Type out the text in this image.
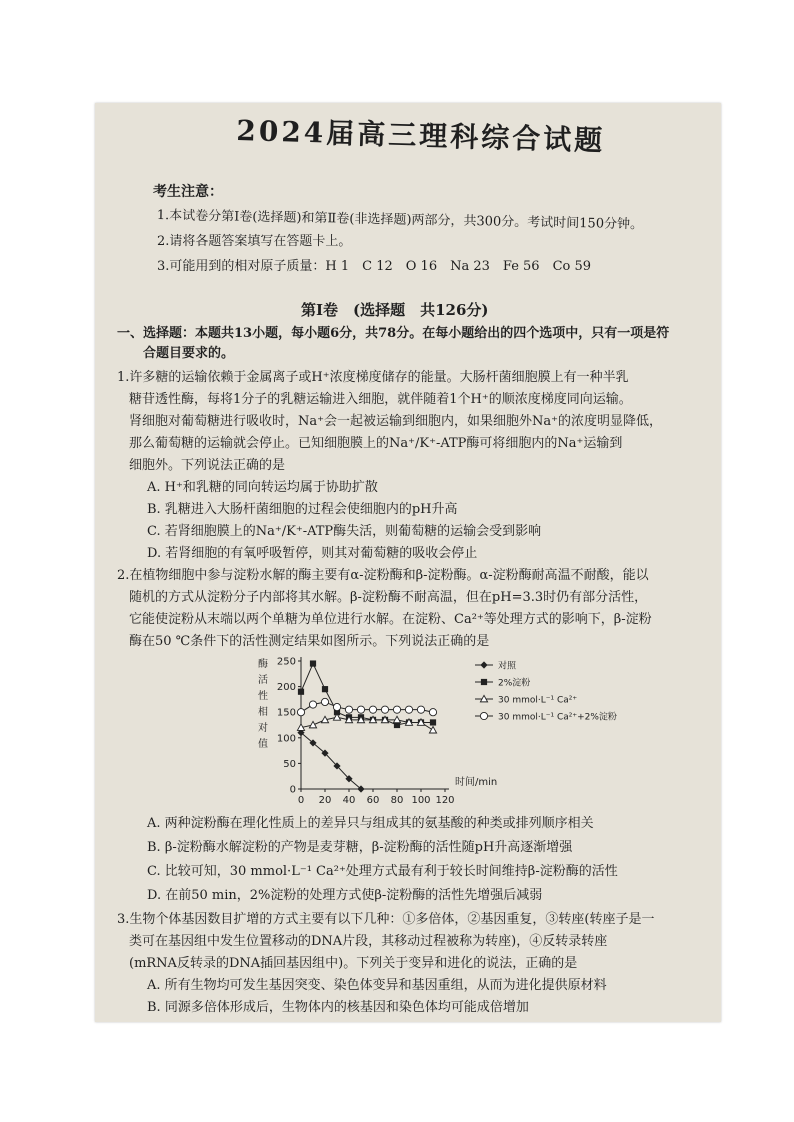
2024届高三理科综合试题
考生注意：
1.本试卷分第Ⅰ卷(选择题)和第Ⅱ卷(非选择题)两部分，共300分。考试时间150分钟。
2.请将各题答案填写在答题卡上。
3.可能用到的相对原子质量：H 1　C 12　O 16　Na 23　Fe 56　Co 59
第Ⅰ卷　(选择题　共126分)
一、选择题：本题共13小题，每小题6分，共78分。在每小题给出的四个选项中，只有一项是符
合题目要求的。
1.许多糖的运输依赖于金属离子或H⁺浓度梯度储存的能量。大肠杆菌细胞膜上有一种半乳
糖苷透性酶，每将1分子的乳糖运输进入细胞，就伴随着1个H⁺的顺浓度梯度同向运输。
肾细胞对葡萄糖进行吸收时，Na⁺会一起被运输到细胞内，如果细胞外Na⁺的浓度明显降低，
那么葡萄糖的运输就会停止。已知细胞膜上的Na⁺/K⁺-ATP酶可将细胞内的Na⁺运输到
细胞外。下列说法正确的是
A. H⁺和乳糖的同向转运均属于协助扩散
B. 乳糖进入大肠杆菌细胞的过程会使细胞内的pH升高
C. 若肾细胞膜上的Na⁺/K⁺-ATP酶失活，则葡萄糖的运输会受到影响
D. 若肾细胞的有氧呼吸暂停，则其对葡萄糖的吸收会停止
2.在植物细胞中参与淀粉水解的酶主要有α-淀粉酶和β-淀粉酶。α-淀粉酶耐高温不耐酸，能以
随机的方式从淀粉分子内部将其水解。β-淀粉酶不耐高温，但在pH=3.3时仍有部分活性，
它能使淀粉从末端以两个单糖为单位进行水解。在淀粉、Ca²⁺等处理方式的影响下，β-淀粉
酶在50 ℃条件下的活性测定结果如图所示。下列说法正确的是
酶
活
性
相
对
值
0
50
100
150
200
250
0 20 40 60 80 100 120
时间/min
对照
2%淀粉
30 mmol·L⁻¹ Ca²⁺
30 mmol·L⁻¹ Ca²⁺+2%淀粉
A. 两种淀粉酶在理化性质上的差异只与组成其的氨基酸的种类或排列顺序相关
B. β-淀粉酶水解淀粉的产物是麦芽糖，β-淀粉酶的活性随pH升高逐渐增强
C. 比较可知，30 mmol·L⁻¹ Ca²⁺处理方式最有利于较长时间维持β-淀粉酶的活性
D. 在前50 min，2%淀粉的处理方式使β-淀粉酶的活性先增强后减弱
3.生物个体基因数目扩增的方式主要有以下几种：①多倍体，②基因重复，③转座(转座子是一
类可在基因组中发生位置移动的DNA片段，其移动过程被称为转座)，④反转录转座
(mRNA反转录的DNA插回基因组中)。下列关于变异和进化的说法，正确的是
A. 所有生物均可发生基因突变、染色体变异和基因重组，从而为进化提供原材料
B. 同源多倍体形成后，生物体内的核基因和染色体均可能成倍增加
